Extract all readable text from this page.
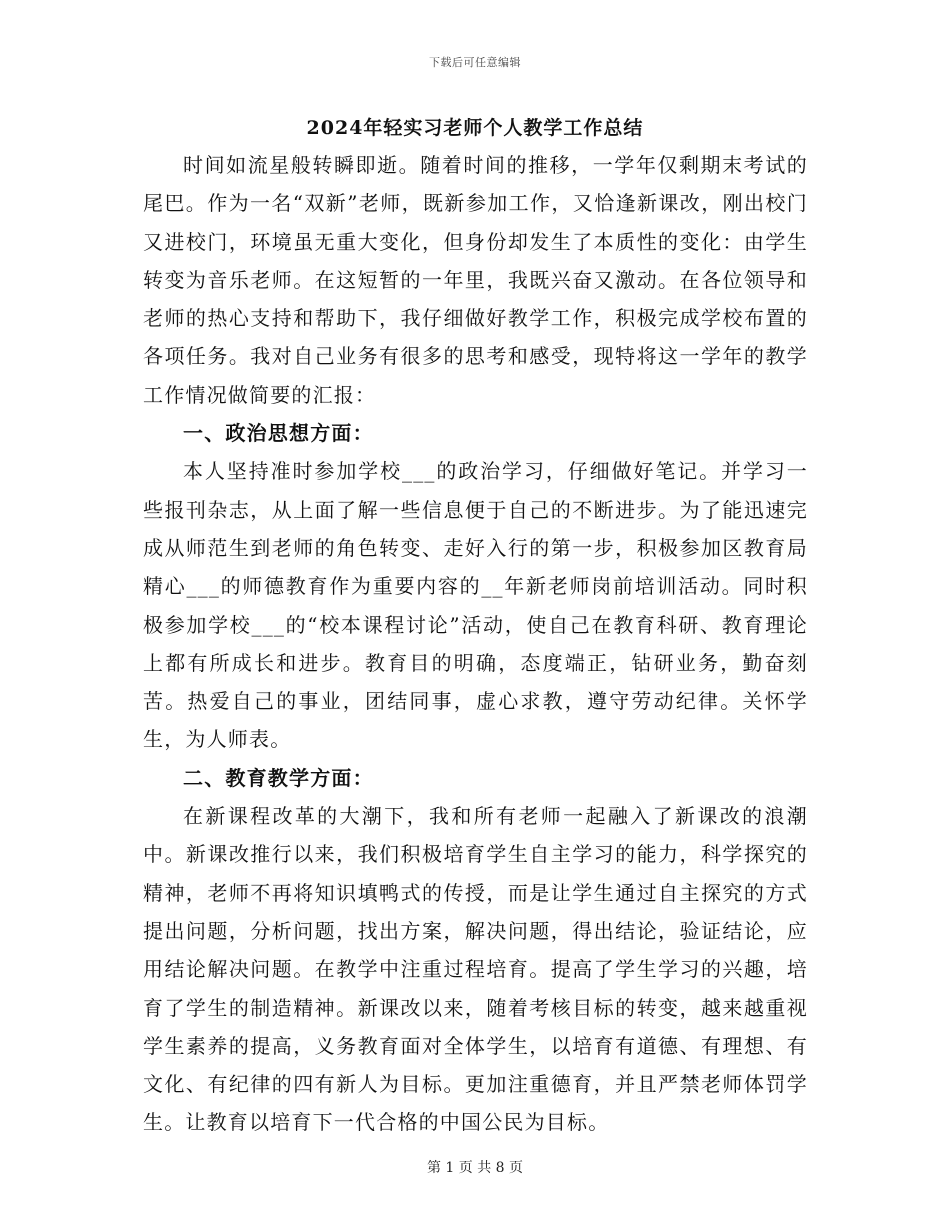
下载后可任意编辑
2024年轻实习老师个人教学工作总结

时间如流星般转瞬即逝。随着时间的推移，一学年仅剩期末考试的尾巴。作为一名“双新”老师，既新参加工作，又恰逢新课改，刚出校门又进校门，环境虽无重大变化，但身份却发生了本质性的变化：由学生转变为音乐老师。在这短暂的一年里，我既兴奋又激动。在各位领导和老师的热心支持和帮助下，我仔细做好教学工作，积极完成学校布置的各项任务。我对自己业务有很多的思考和感受，现特将这一学年的教学工作情况做简要的汇报：

一、政治思想方面：

本人坚持准时参加学校___的政治学习，仔细做好笔记。并学习一些报刊杂志，从上面了解一些信息便于自己的不断进步。为了能迅速完成从师范生到老师的角色转变、走好入行的第一步，积极参加区教育局精心___的师德教育作为重要内容的__年新老师岗前培训活动。同时积极参加学校___的“校本课程讨论”活动，使自己在教育科研、教育理论上都有所成长和进步。教育目的明确，态度端正，钻研业务，勤奋刻苦。热爱自己的事业，团结同事，虚心求教，遵守劳动纪律。关怀学生，为人师表。

二、教育教学方面：

在新课程改革的大潮下，我和所有老师一起融入了新课改的浪潮中。新课改推行以来，我们积极培育学生自主学习的能力，科学探究的精神，老师不再将知识填鸭式的传授，而是让学生通过自主探究的方式提出问题，分析问题，找出方案，解决问题，得出结论，验证结论，应用结论解决问题。在教学中注重过程培育。提高了学生学习的兴趣，培育了学生的制造精神。新课改以来，随着考核目标的转变，越来越重视学生素养的提高，义务教育面对全体学生，以培育有道德、有理想、有文化、有纪律的四有新人为目标。更加注重德育，并且严禁老师体罚学生。让教育以培育下一代合格的中国公民为目标。

第 1 页 共 8 页
